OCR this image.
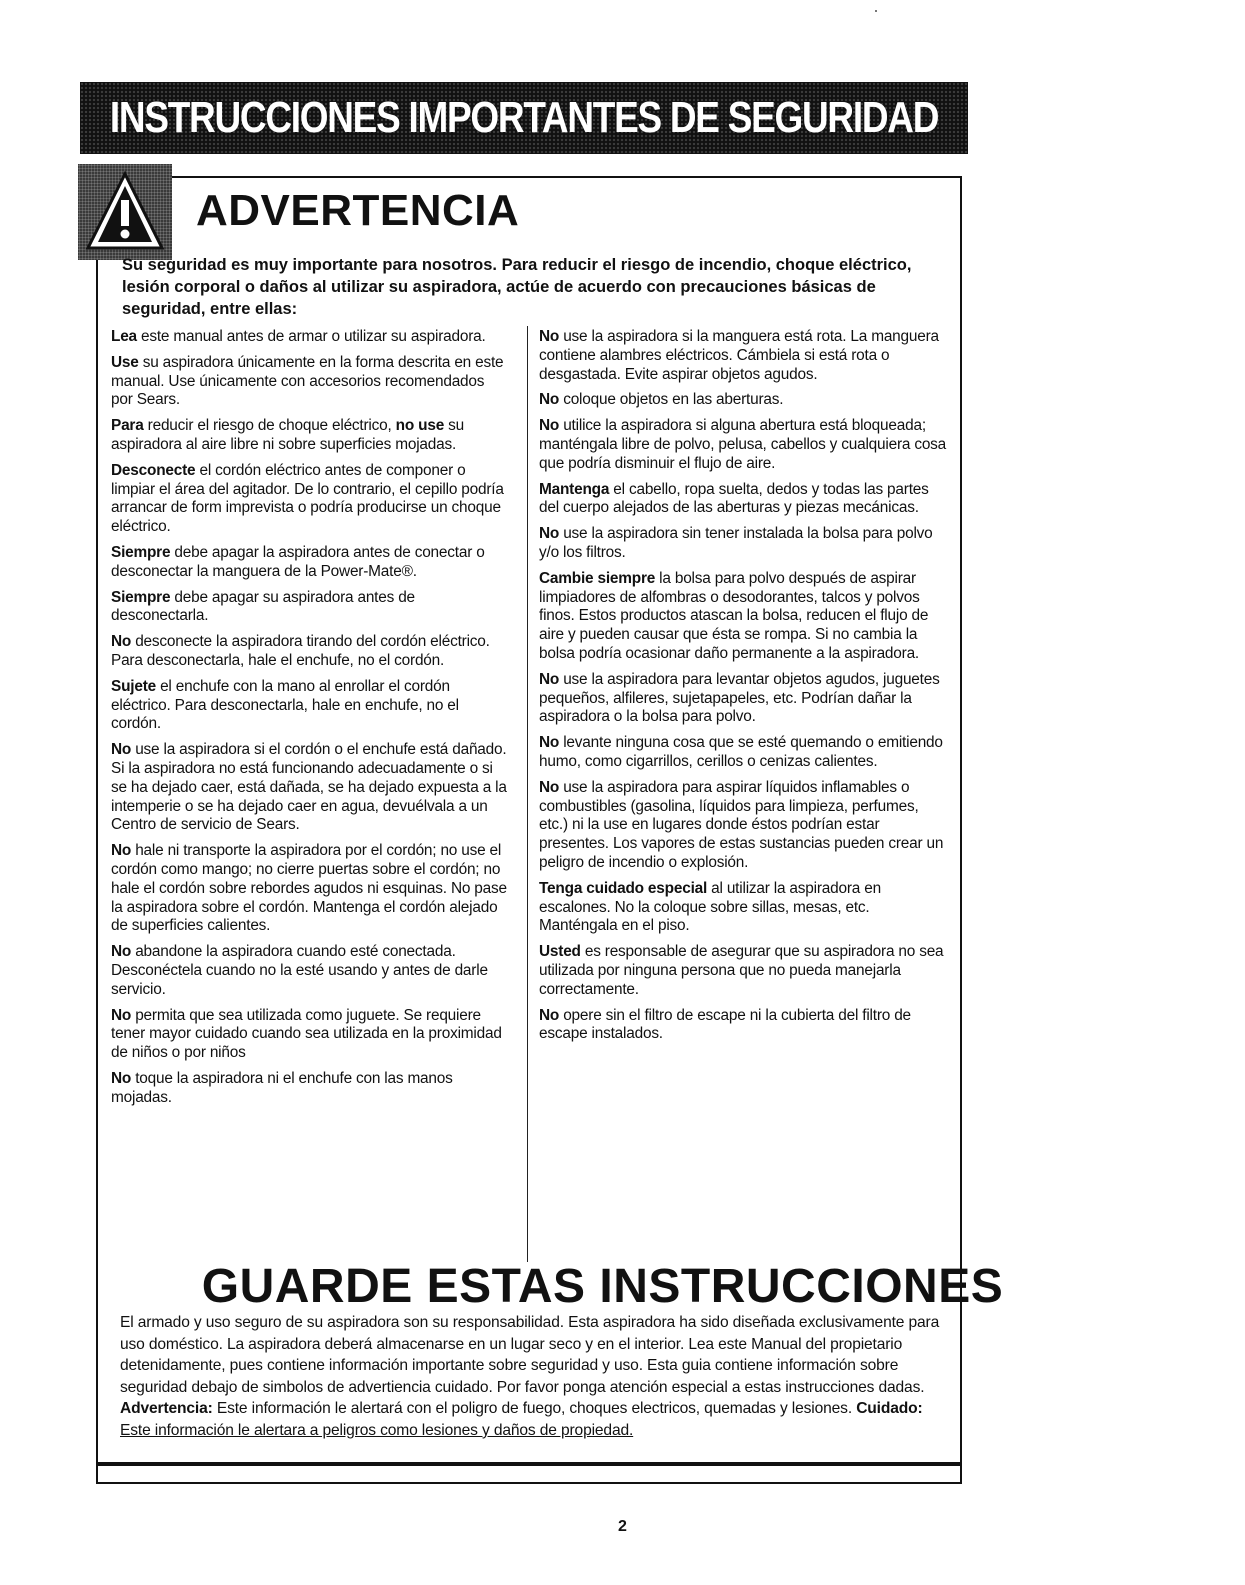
INSTRUCCIONES IMPORTANTES DE SEGURIDAD
ADVERTENCIA
Su seguridad es muy importante para nosotros. Para reducir el riesgo de incendio, choque eléctrico, lesión corporal o daños al utilizar su aspiradora, actúe de acuerdo con precauciones básicas de seguridad, entre ellas:

Lea este manual antes de armar o utilizar su aspiradora.

Use su aspiradora únicamente en la forma descrita en este manual. Use únicamente con accesorios recomendados por Sears.

Para reducir el riesgo de choque eléctrico, no use su aspiradora al aire libre ni sobre superficies mojadas.

Desconecte el cordón eléctrico antes de componer o limpiar el área del agitador. De lo contrario, el cepillo podría arrancar de form imprevista o podría producirse un choque eléctrico.

Siempre debe apagar la aspiradora antes de conectar o desconectar la manguera de la Power-Mate®.

Siempre debe apagar su aspiradora antes de desconectarla.

No desconecte la aspiradora tirando del cordón eléctrico. Para desconectarla, hale el enchufe, no el cordón.

Sujete el enchufe con la mano al enrollar el cordón eléctrico. Para desconectarla, hale en enchufe, no el cordón.

No use la aspiradora si el cordón o el enchufe está dañado. Si la aspiradora no está funcionando adecuadamente o si se ha dejado caer, está dañada, se ha dejado expuesta a la intemperie o se ha dejado caer en agua, devuélvala a un Centro de servicio de Sears.

No hale ni transporte la aspiradora por el cordón; no use el cordón como mango; no cierre puertas sobre el cordón; no hale el cordón sobre rebordes agudos ni esquinas. No pase la aspiradora sobre el cordón. Mantenga el cordón alejado de superficies calientes.

No abandone la aspiradora cuando esté conectada. Desconéctela cuando no la esté usando y antes de darle servicio.

No permita que sea utilizada como juguete. Se requiere tener mayor cuidado cuando sea utilizada en la proximidad de niños o por niños

No toque la aspiradora ni el enchufe con las manos mojadas.

No use la aspiradora si la manguera está rota. La manguera contiene alambres eléctricos. Cámbiela si está rota o desgastada. Evite aspirar objetos agudos.

No coloque objetos en las aberturas.

No utilice la aspiradora si alguna abertura está bloqueada; manténgala libre de polvo, pelusa, cabellos y cualquiera cosa que podría disminuir el flujo de aire.

Mantenga el cabello, ropa suelta, dedos y todas las partes del cuerpo alejados de las aberturas y piezas mecánicas.

No use la aspiradora sin tener instalada la bolsa para polvo y/o los filtros.

Cambie siempre la bolsa para polvo después de aspirar limpiadores de alfombras o desodorantes, talcos y polvos finos. Estos productos atascan la bolsa, reducen el flujo de aire y pueden causar que ésta se rompa. Si no cambia la bolsa podría ocasionar daño permanente a la aspiradora.

No use la aspiradora para levantar objetos agudos, juguetes pequeños, alfileres, sujetapapeles, etc. Podrían dañar la aspiradora o la bolsa para polvo.

No levante ninguna cosa que se esté quemando o emitiendo humo, como cigarrillos, cerillos o cenizas calientes.

No use la aspiradora para aspirar líquidos inflamables o combustibles (gasolina, líquidos para limpieza, perfumes, etc.) ni la use en lugares donde éstos podrían estar presentes. Los vapores de estas sustancias pueden crear un peligro de incendio o explosión.

Tenga cuidado especial al utilizar la aspiradora en escalones. No la coloque sobre sillas, mesas, etc. Manténgala en el piso.

Usted es responsable de asegurar que su aspiradora no sea utilizada por ninguna persona que no pueda manejarla correctamente.

No opere sin el filtro de escape ni la cubierta del filtro de escape instalados.

GUARDE ESTAS INSTRUCCIONES
El armado y uso seguro de su aspiradora son su responsabilidad. Esta aspiradora ha sido diseñada exclusivamente para uso doméstico. La aspiradora deberá almacenarse en un lugar seco y en el interior. Lea este Manual del propietario detenidamente, pues contiene información importante sobre seguridad y uso. Esta guia contiene información sobre seguridad debajo de simbolos de advertiencia cuidado. Por favor ponga atención especial a estas instrucciones dadas. Advertencia: Este información le alertará con el poligro de fuego, choques electricos, quemadas y lesiones. Cuidado: Este información le alertara a peligros como lesiones y daños de propiedad.
2
